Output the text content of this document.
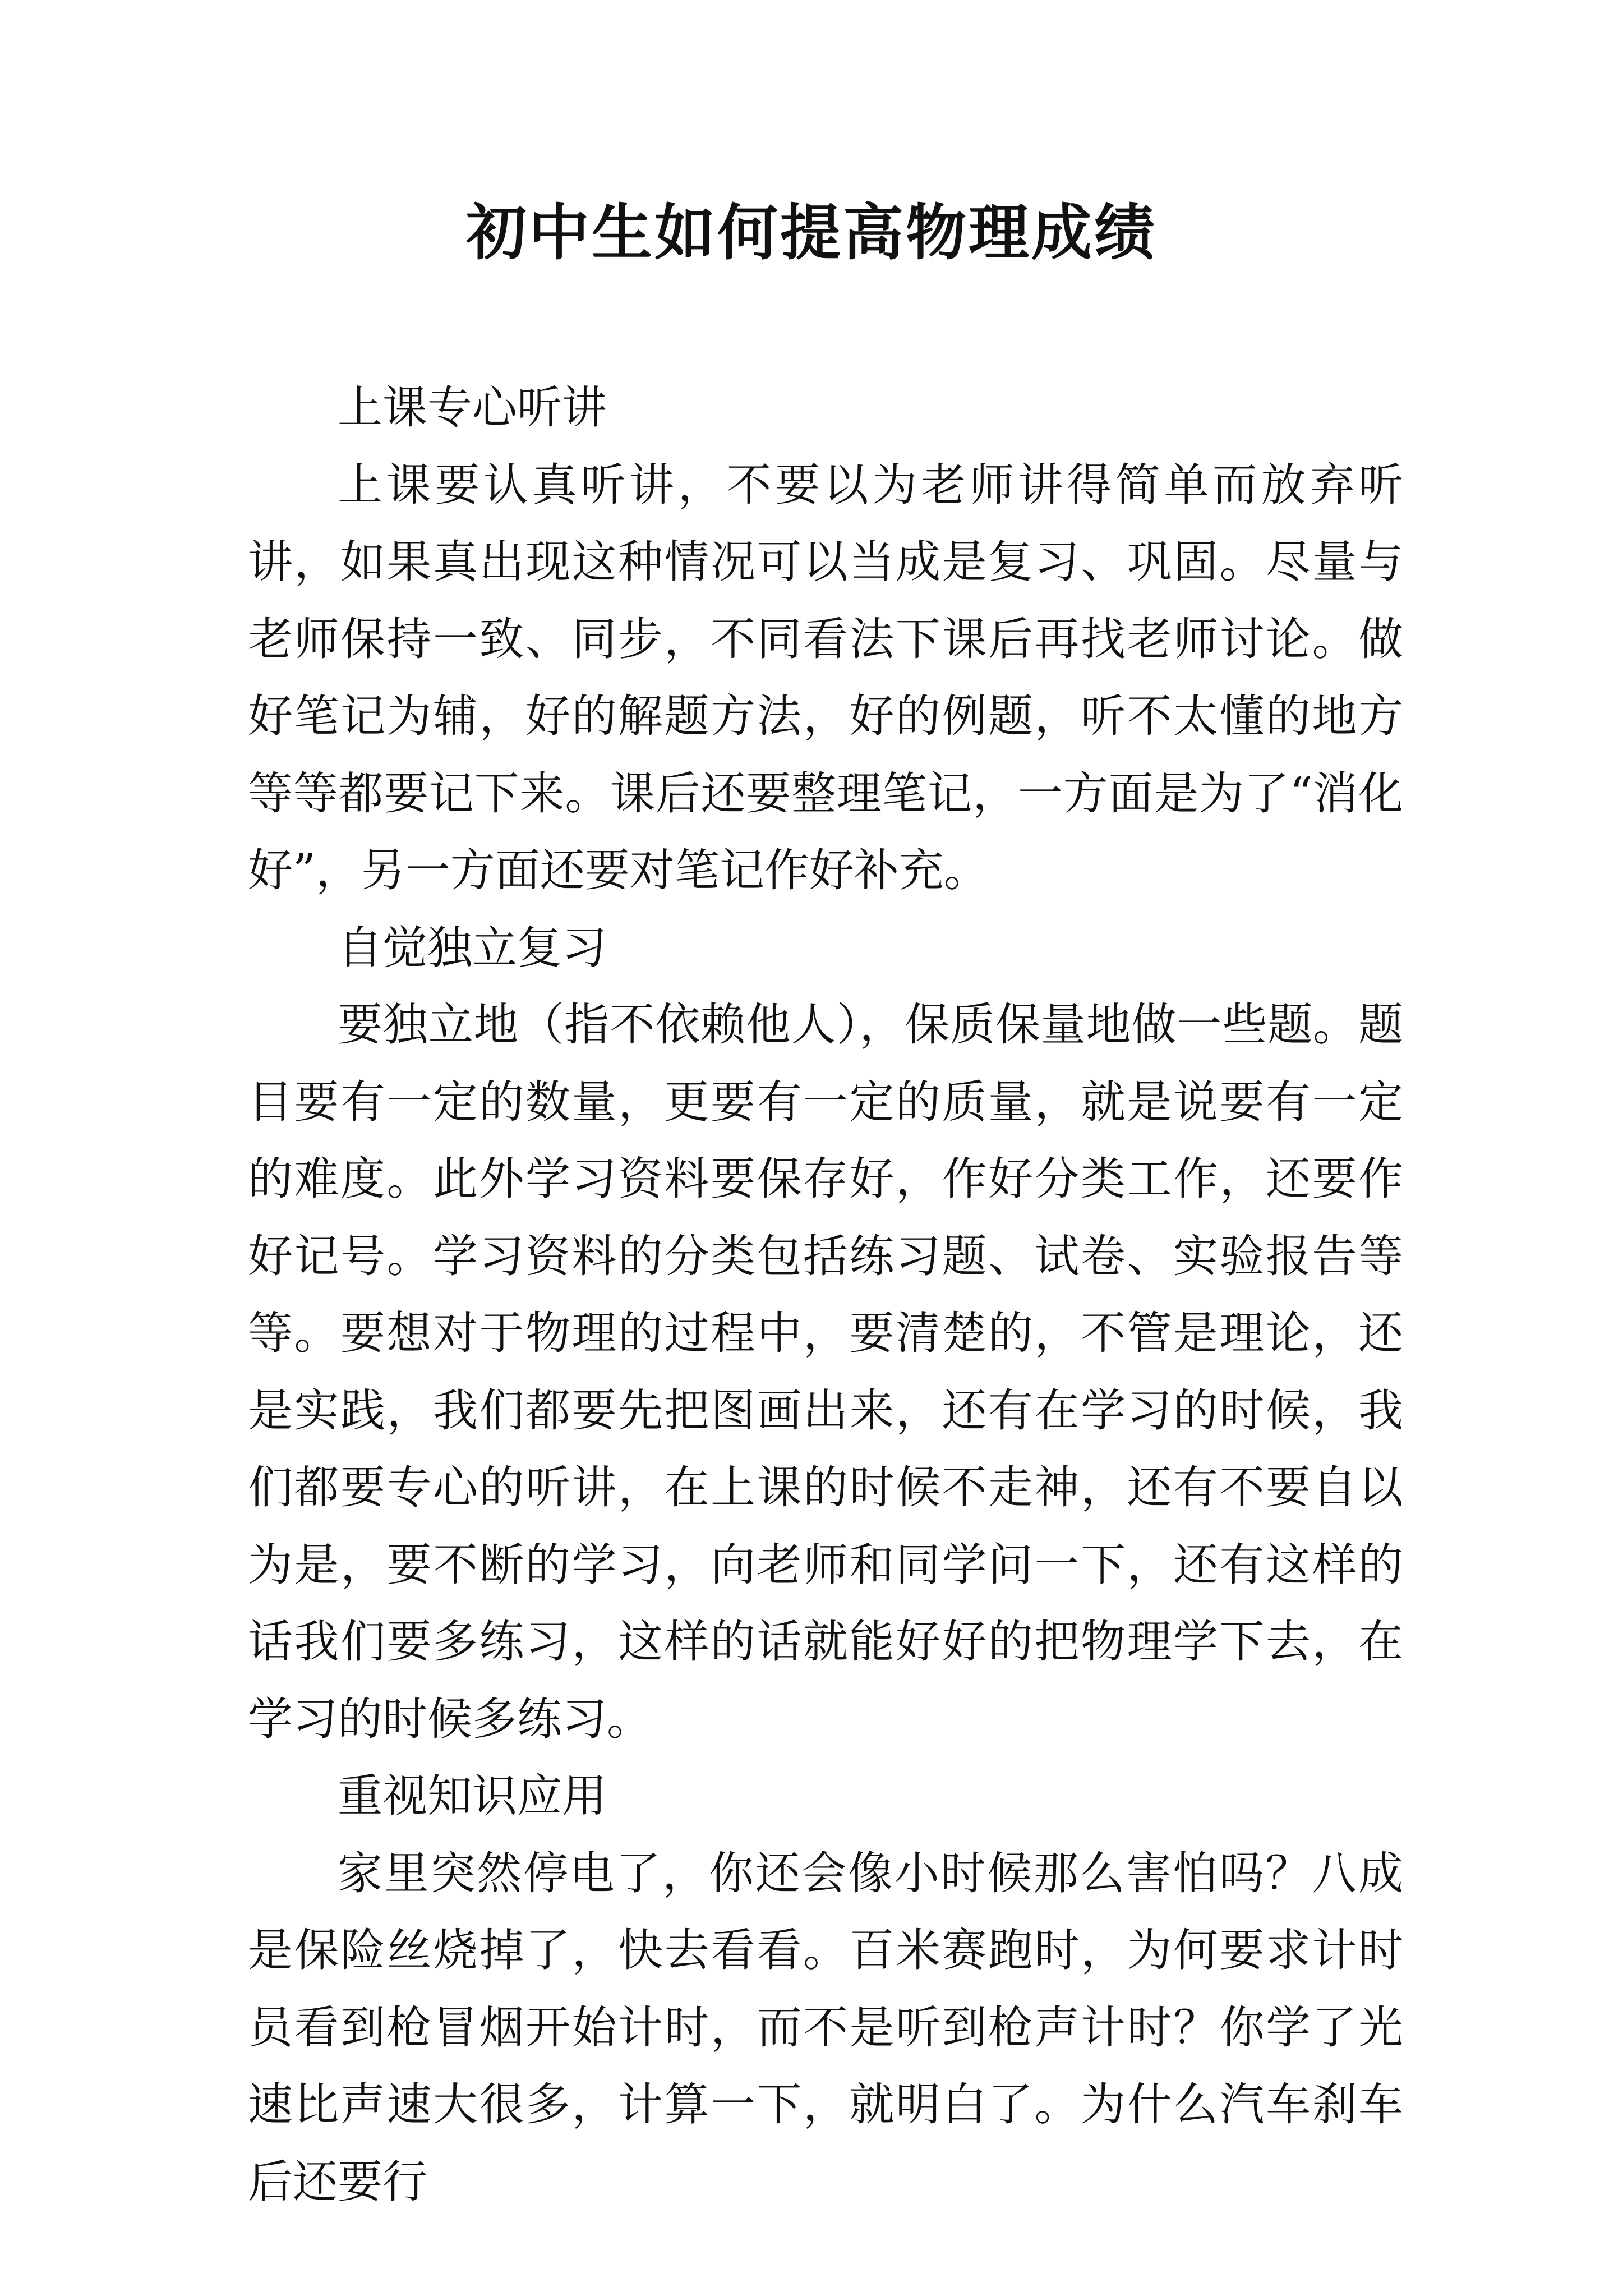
初中生如何提高物理成绩

上课专心听讲

上课要认真听讲，不要以为老师讲得简单而放弃听讲，如果真出现这种情况可以当成是复习、巩固。尽量与老师保持一致、同步，不同看法下课后再找老师讨论。做好笔记为辅，好的解题方法，好的例题，听不太懂的地方等等都要记下来。课后还要整理笔记，一方面是为了“消化好”，另一方面还要对笔记作好补充。

自觉独立复习

要独立地（指不依赖他人），保质保量地做一些题。题目要有一定的数量，更要有一定的质量，就是说要有一定的难度。此外学习资料要保存好，作好分类工作，还要作好记号。学习资料的分类包括练习题、试卷、实验报告等等。要想对于物理的过程中，要清楚的，不管是理论，还是实践，我们都要先把图画出来，还有在学习的时候，我们都要专心的听讲，在上课的时候不走神，还有不要自以为是，要不断的学习，向老师和同学问一下，还有这样的话我们要多练习，这样的话就能好好的把物理学下去，在学习的时候多练习。

重视知识应用

家里突然停电了，你还会像小时候那么害怕吗？八成是保险丝烧掉了，快去看看。百米赛跑时，为何要求计时员看到枪冒烟开始计时，而不是听到枪声计时？你学了光速比声速大很多，计算一下，就明白了。为什么汽车刹车后还要行
